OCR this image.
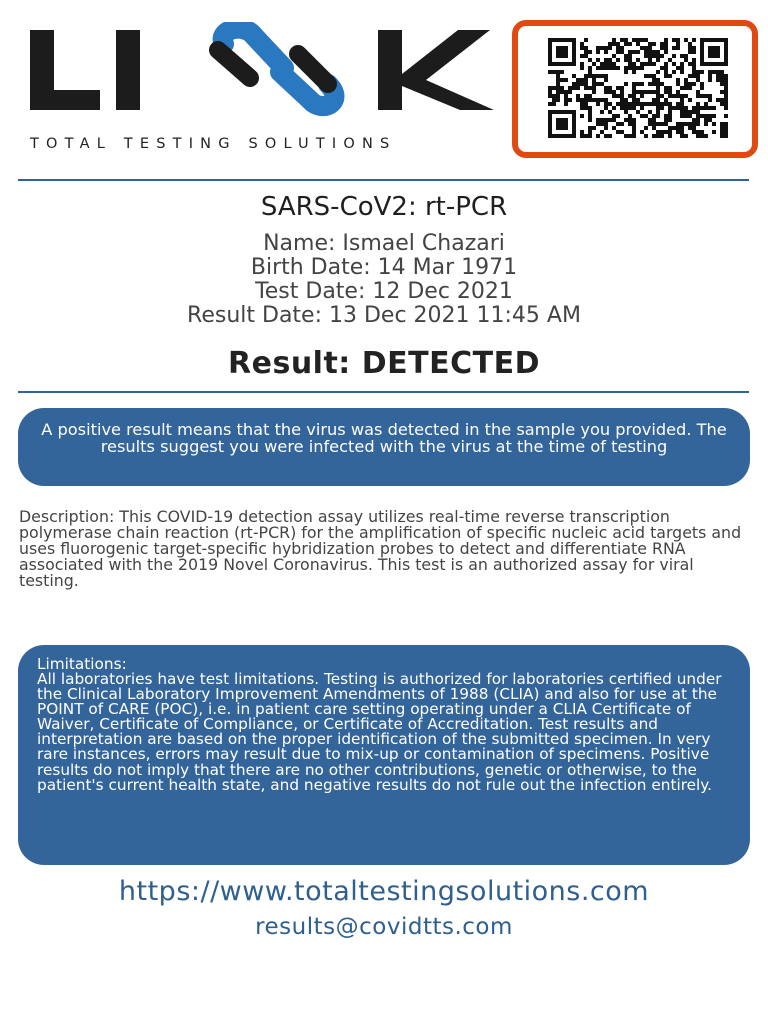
TOTAL TESTING SOLUTIONS
SARS-CoV2: rt-PCR
Name: Ismael Chazari
Birth Date: 14 Mar 1971
Test Date: 12 Dec 2021
Result Date: 13 Dec 2021 11:45 AM
Result: DETECTED
A positive result means that the virus was detected in the sample you provided. The results suggest you were infected with the virus at the time of testing
Description: This COVID-19 detection assay utilizes real-time reverse transcription polymerase chain reaction (rt-PCR) for the amplification of specific nucleic acid targets and uses fluorogenic target-specific hybridization probes to detect and differentiate RNA associated with the 2019 Novel Coronavirus. This test is an authorized assay for viral testing.
Limitations:
All laboratories have test limitations. Testing is authorized for laboratories certified under the Clinical Laboratory Improvement Amendments of 1988 (CLIA) and also for use at the POINT of CARE (POC), i.e. in patient care setting operating under a CLIA Certificate of Waiver, Certificate of Compliance, or Certificate of Accreditation. Test results and interpretation are based on the proper identification of the submitted specimen. In very rare instances, errors may result due to mix-up or contamination of specimens. Positive results do not imply that there are no other contributions, genetic or otherwise, to the patient's current health state, and negative results do not rule out the infection entirely.
https://www.totaltestingsolutions.com
results@covidtts.com
